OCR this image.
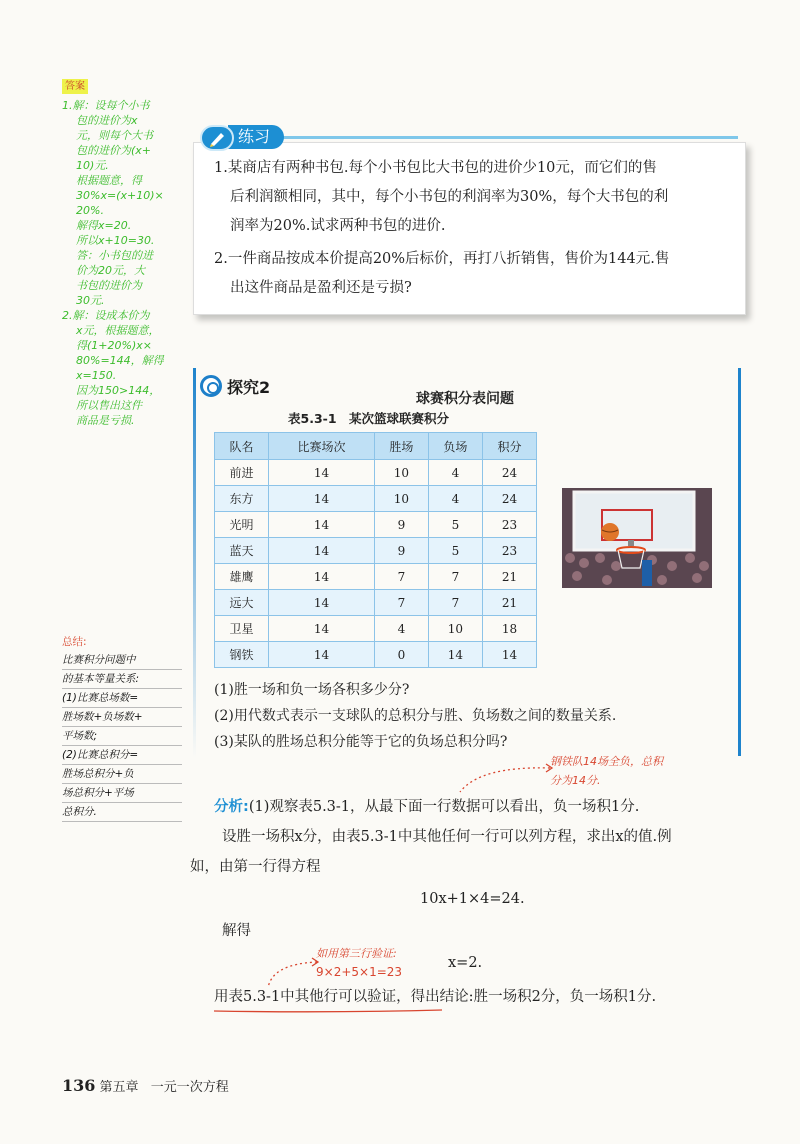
答案
1.解：设每个小书
包的进价为x
元，则每个大书
包的进价为(x+
10)元.
根据题意，得
30%x=(x+10)×
20%.
解得x=20.
所以x+10=30.
答：小书包的进
价为20元，大
书包的进价为
30元.
2.解：设成本价为
x元，根据题意，
得(1+20%)x×
80%=144，解得
x=150.
因为150>144，
所以售出这件
商品是亏损.
总结:
比赛积分问题中
的基本等量关系:
(1)比赛总场数=
胜场数+负场数+
平场数;
(2)比赛总积分=
胜场总积分+负
场总积分+平场
总积分.
练习
1.某商店有两种书包.每个小书包比大书包的进价少10元，而它们的售
后利润额相同，其中，每个小书包的利润率为30%，每个大书包的利
润率为20%.试求两种书包的进价.
2.一件商品按成本价提高20%后标价，再打八折销售，售价为144元.售
出这件商品是盈利还是亏损?
探究2
球赛积分表问题
表5.3-1　某次篮球联赛积分
队名	比赛场次	胜场	负场	积分
前进	14	10	4	24
东方	14	10	4	24
光明	14	9	5	23
蓝天	14	9	5	23
雄鹰	14	7	7	21
远大	14	7	7	21
卫星	14	4	10	18
钢铁	14	0	14	14
(1)胜一场和负一场各积多少分?
(2)用代数式表示一支球队的总积分与胜、负场数之间的数量关系.
(3)某队的胜场总积分能等于它的负场总积分吗?
钢铁队14场全负，总积
分为14分.
分析:(1)观察表5.3-1，从最下面一行数据可以看出，负一场积1分.
设胜一场积x分，由表5.3-1中其他任何一行可以列方程，求出x的值.例
如，由第一行得方程
10x+1×4=24.
解得
如用第三行验证:
9×2+5×1=23
x=2.
用表5.3-1中其他行可以验证，得出结论:胜一场积2分，负一场积1分.
136 第五章 一元一次方程
